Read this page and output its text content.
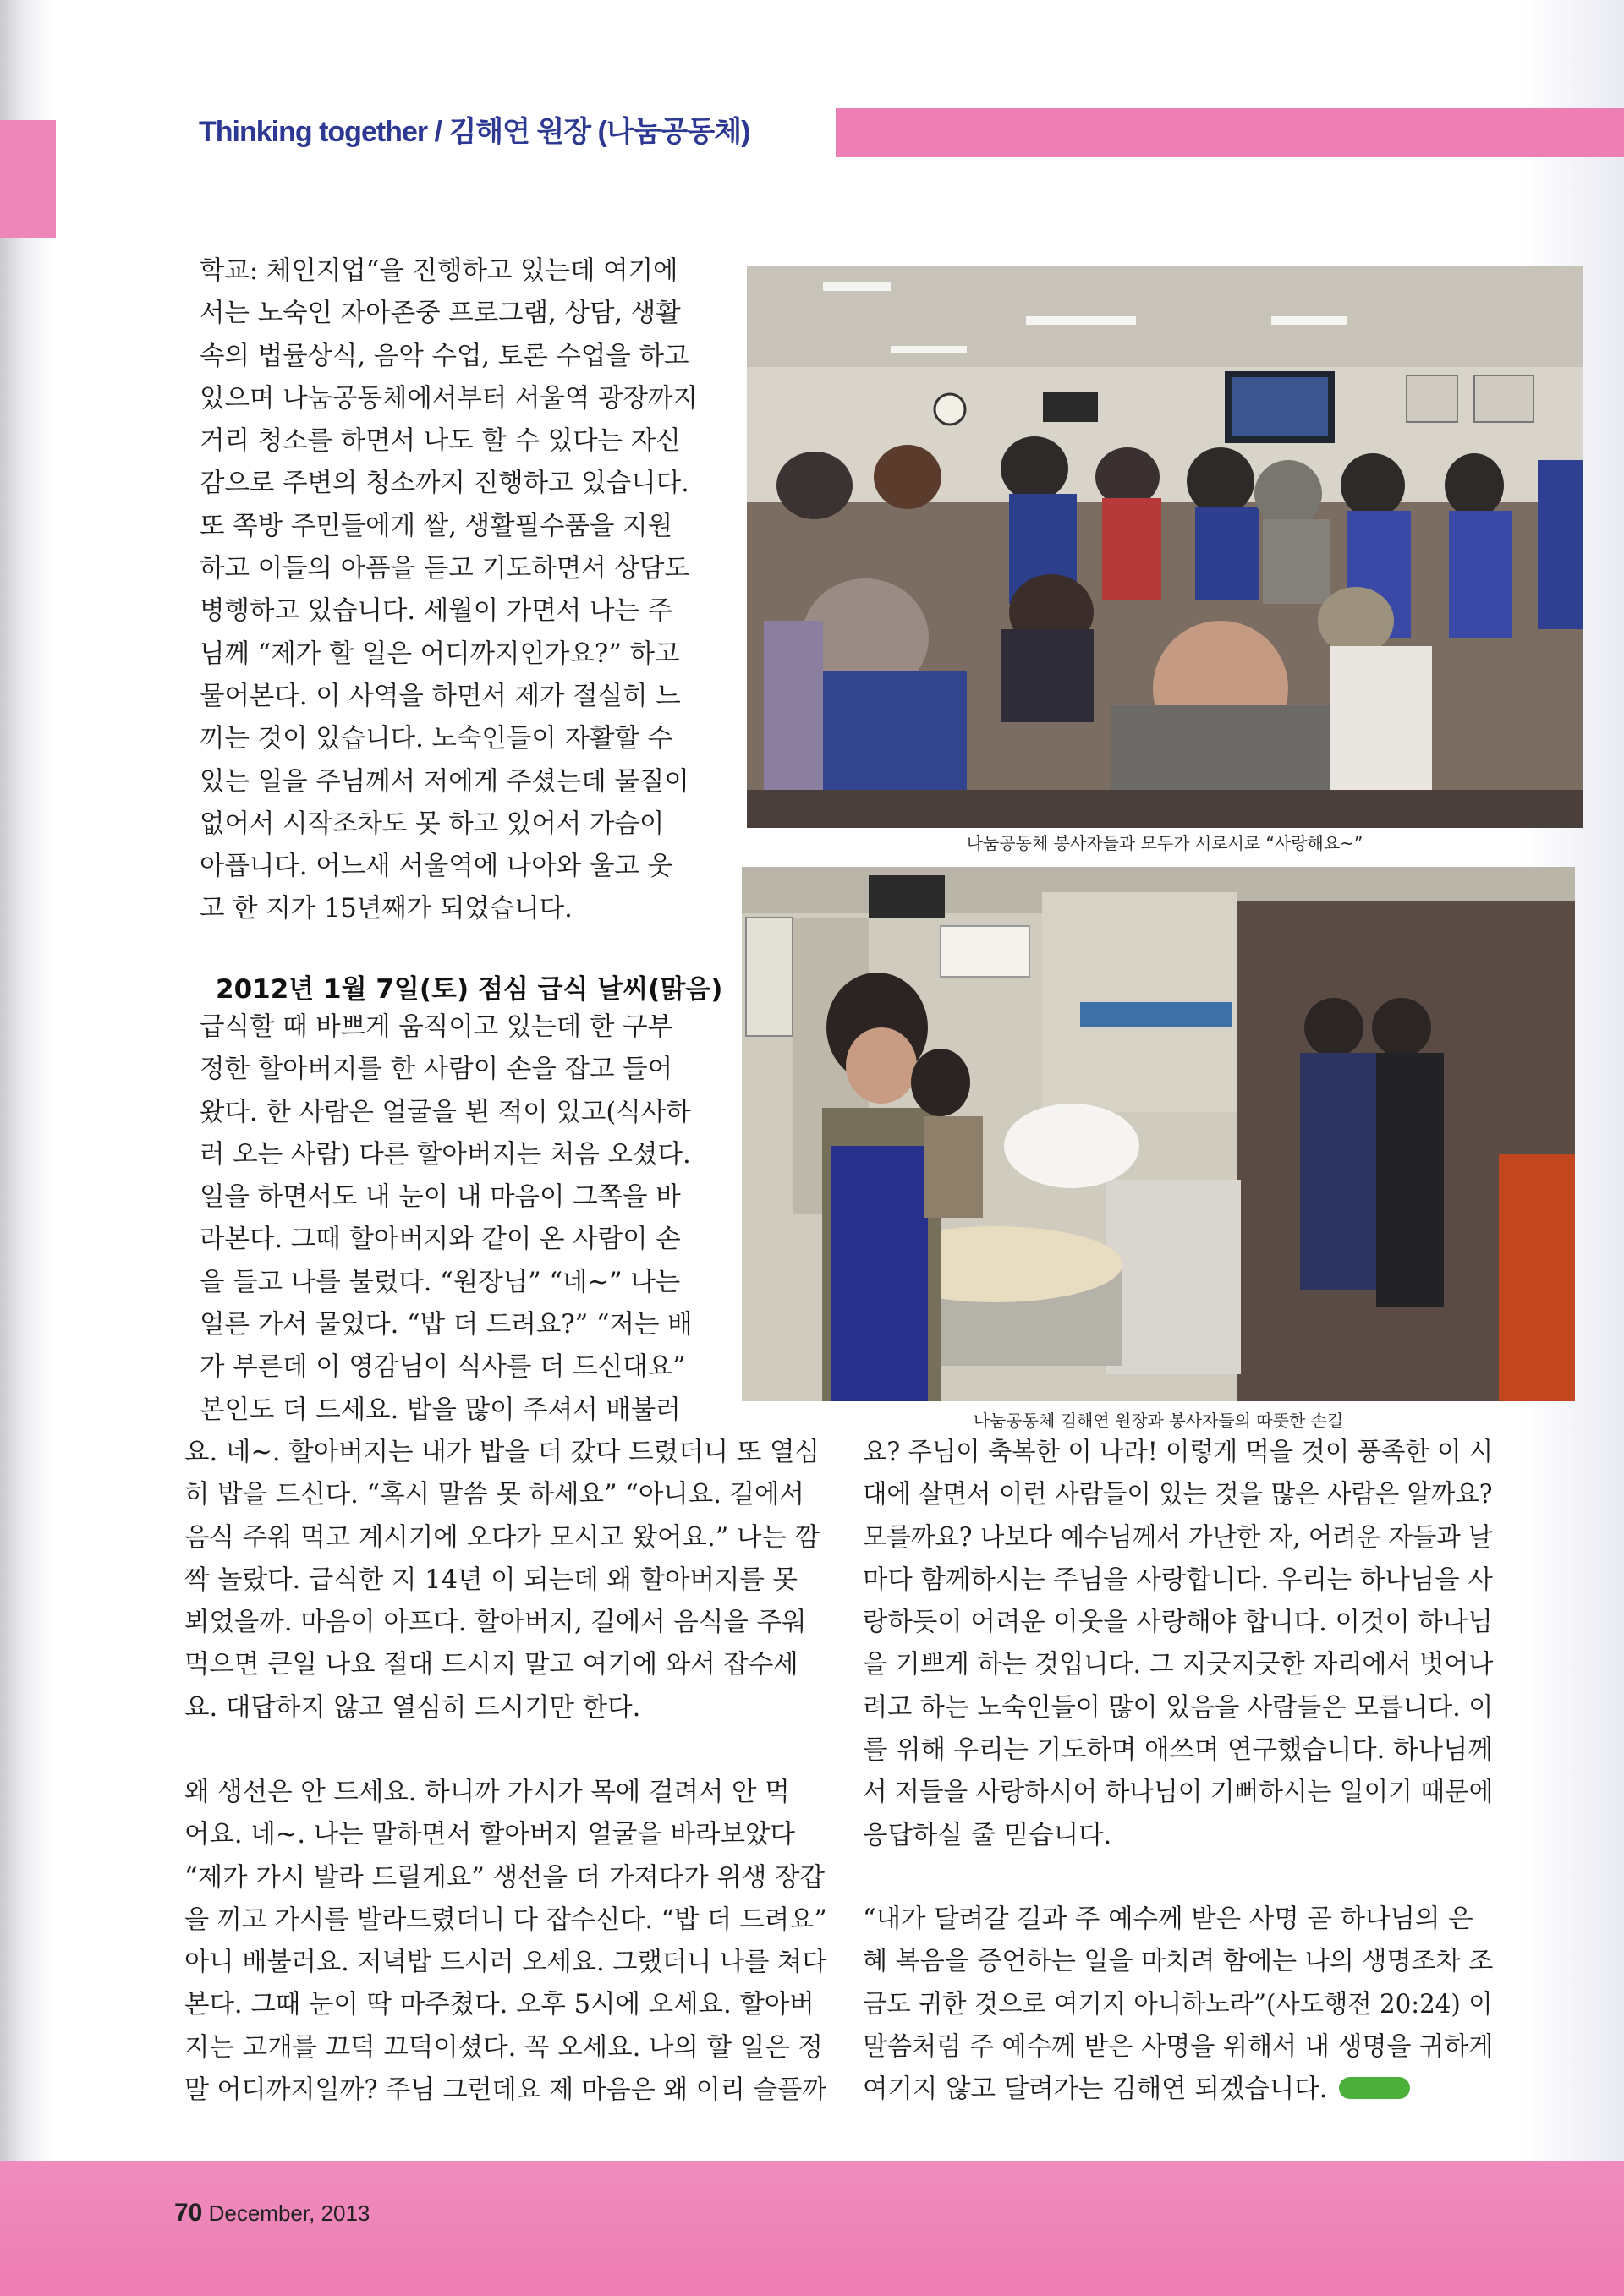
Thinking together / 김해연 원장 (나눔공동체)

학교: 체인지업“을 진행하고 있는데 여기에

서는 노숙인 자아존중 프로그램, 상담, 생활

속의 법률상식, 음악 수업, 토론 수업을 하고

있으며 나눔공동체에서부터 서울역 광장까지

거리 청소를 하면서 나도 할 수 있다는 자신

감으로 주변의 청소까지 진행하고 있습니다.

또 쪽방 주민들에게 쌀, 생활필수품을 지원

하고 이들의 아픔을 듣고 기도하면서 상담도

병행하고 있습니다. 세월이 가면서 나는 주

님께 “제가 할 일은 어디까지인가요?” 하고

물어본다. 이 사역을 하면서 제가 절실히 느

끼는 것이 있습니다. 노숙인들이 자활할 수

있는 일을 주님께서 저에게 주셨는데 물질이

없어서 시작조차도 못 하고 있어서 가슴이

아픕니다. 어느새 서울역에 나아와 울고 웃

고 한 지가 15년째가 되었습니다.

2012년 1월 7일(토) 점심 급식 날씨(맑음)

급식할 때 바쁘게 움직이고 있는데 한 구부

정한 할아버지를 한 사람이 손을 잡고 들어

왔다. 한 사람은 얼굴을 뵌 적이 있고(식사하

러 오는 사람) 다른 할아버지는 처음 오셨다.

일을 하면서도 내 눈이 내 마음이 그쪽을 바

라본다. 그때 할아버지와 같이 온 사람이 손

을 들고 나를 불렀다. “원장님” “네~” 나는

얼른 가서 물었다. “밥 더 드려요?” “저는 배

가 부른데 이 영감님이 식사를 더 드신대요”

본인도 더 드세요. 밥을 많이 주셔서 배불러

요. 네~. 할아버지는 내가 밥을 더 갔다 드렸더니 또 열심

히 밥을 드신다. “혹시 말씀 못 하세요” “아니요. 길에서

음식 주워 먹고 계시기에 오다가 모시고 왔어요.” 나는 깜

짝 놀랐다. 급식한 지 14년 이 되는데 왜 할아버지를 못

뵈었을까. 마음이 아프다. 할아버지, 길에서 음식을 주워

먹으면 큰일 나요 절대 드시지 말고 여기에 와서 잡수세

요. 대답하지 않고 열심히 드시기만 한다.

왜 생선은 안 드세요. 하니까 가시가 목에 걸려서 안 먹

어요. 네~. 나는 말하면서 할아버지 얼굴을 바라보았다

“제가 가시 발라 드릴게요” 생선을 더 가져다가 위생 장갑

을 끼고 가시를 발라드렸더니 다 잡수신다. “밥 더 드려요”

아니 배불러요. 저녁밥 드시러 오세요. 그랬더니 나를 쳐다

본다. 그때 눈이 딱 마주쳤다. 오후 5시에 오세요. 할아버

지는 고개를 끄덕 끄덕이셨다. 꼭 오세요. 나의 할 일은 정

말 어디까지일까? 주님 그런데요 제 마음은 왜 이리 슬플까

요? 주님이 축복한 이 나라! 이렇게 먹을 것이 풍족한 이 시

대에 살면서 이런 사람들이 있는 것을 많은 사람은 알까요?

모를까요? 나보다 예수님께서 가난한 자, 어려운 자들과 날

마다 함께하시는 주님을 사랑합니다. 우리는 하나님을 사

랑하듯이 어려운 이웃을 사랑해야 합니다. 이것이 하나님

을 기쁘게 하는 것입니다. 그 지긋지긋한 자리에서 벗어나

려고 하는 노숙인들이 많이 있음을 사람들은 모릅니다. 이

를 위해 우리는 기도하며 애쓰며 연구했습니다. 하나님께

서 저들을 사랑하시어 하나님이 기뻐하시는 일이기 때문에

응답하실 줄 믿습니다.

“내가 달려갈 길과 주 예수께 받은 사명 곧 하나님의 은

혜 복음을 증언하는 일을 마치려 함에는 나의 생명조차 조

금도 귀한 것으로 여기지 아니하노라”(사도행전 20:24) 이

말씀처럼 주 예수께 받은 사명을 위해서 내 생명을 귀하게

여기지 않고 달려가는 김해연 되겠습니다.

나눔공동체 봉사자들과 모두가 서로서로 “사랑해요~”
나눔공동체 김해연 원장과 봉사자들의 따뜻한 손길
70 December, 2013
